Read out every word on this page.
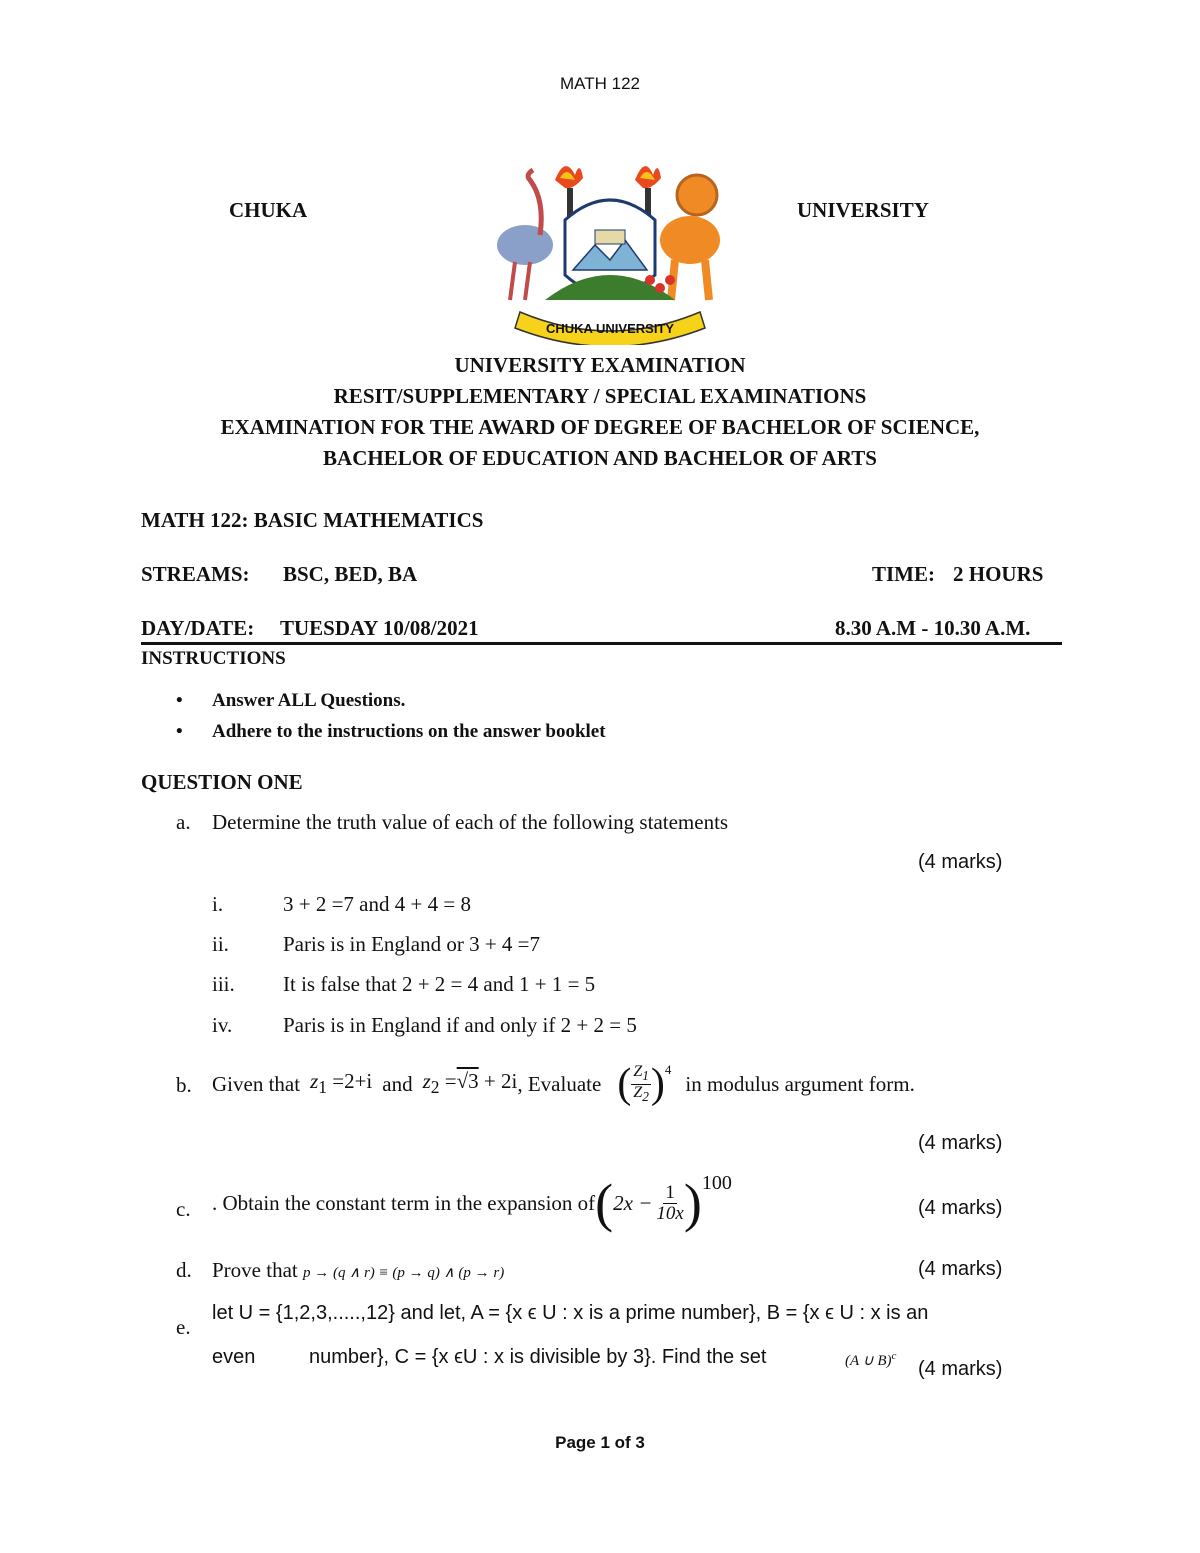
MATH 122
CHUKA	UNIVERSITY
CHUKA UNIVERSITY
UNIVERSITY EXAMINATION
RESIT/SUPPLEMENTARY / SPECIAL EXAMINATIONS
EXAMINATION FOR THE AWARD OF DEGREE OF BACHELOR OF SCIENCE,
BACHELOR OF EDUCATION AND BACHELOR OF ARTS
MATH 122: BASIC MATHEMATICS
STREAMS: BSC, BED, BA	TIME: 2 HOURS
DAY/DATE: TUESDAY 10/08/2021	8.30 A.M - 10.30 A.M.
INSTRUCTIONS
• Answer ALL Questions.
• Adhere to the instructions on the answer booklet
QUESTION ONE
a. Determine the truth value of each of the following statements
(4 marks)
i.	3 + 2 =7 and 4 + 4 = 8
ii.	Paris is in England or 3 + 4 =7
iii. It is false that 2 + 2 = 4 and 1 + 1 = 5
iv. Paris is in England if and only if 2 + 2 = 5
b. Given that $z_1 =2+i$ and $z_2 =√3 + 2i$ , Evaluate ( $\frac{Z_1}{Z_2} )^4$
in modulus argument form.
(4 marks)
c. . Obtain the constant term in the expansion of ( $2x - \frac{1}{10x}$ ) 100
(4 marks)
d. Prove that p → (q ∧ r) ≡ (p → q) ∧ (p → r)	(4 marks)
e.
let U = {1,2,3,.....,12} and let, A = {x ϵ U : x is a prime number}, B = {x ϵ U : x is an
even	number}, C = {x ϵU : x is divisible by 3}. Find the set	(A ∪ B)$^c$
(4 marks)
Page 1 of 3
